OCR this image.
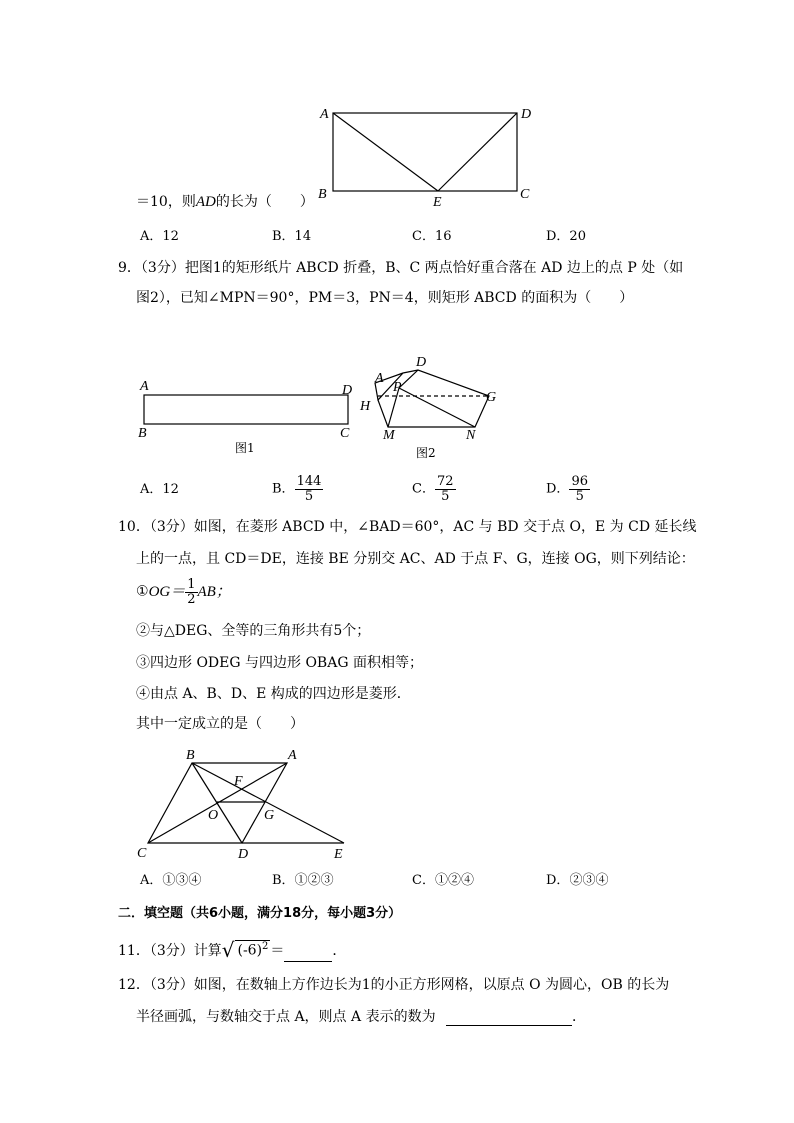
A	D
B	C
E
＝10，则AD的长为（　　）
A．12	B．14	C．16	D．20
9．（3分）把图1的矩形纸片 ABCD 折叠，B、C 两点恰好重合落在 AD 边上的点 P 处（如
图2），已知∠MPN＝90°，PM＝3，PN＝4，则矩形 ABCD 的面积为（　　）
A	D
B	C
图1
D
A
P
H
G
M	N
图2
A．12	B． $\frac{144}{5}$	C． $\frac{72}{5}$	D． $\frac{96}{5}$
10．（3分）如图，在菱形 ABCD 中，∠BAD＝60°，AC 与 BD 交于点 O，E 为 CD 延长线
上的一点，且 CD＝DE，连接 BE 分别交 AC、AD 于点 F、G，连接 OG，则下列结论：
①OG＝ $\frac{1}{2}$ AB；
②与△DEG、全等的三角形共有5个；
③四边形 ODEG 与四边形 OBAG 面积相等；
④由点 A、B、D、E 构成的四边形是菱形．
其中一定成立的是（　　）
B	A
F
O	G
C	D	E
A．①③④	B．①②③	C．①②④	D．②③④
二．填空题（共6小题，满分18分，每小题3分）
11．（3分）计算√ $(-6)^2$ ＝	．
12．（3分）如图，在数轴上方作边长为1的小正方形网格，以原点 O 为圆心，OB 的长为
半径画弧，与数轴交于点 A，则点 A 表示的数为	．
